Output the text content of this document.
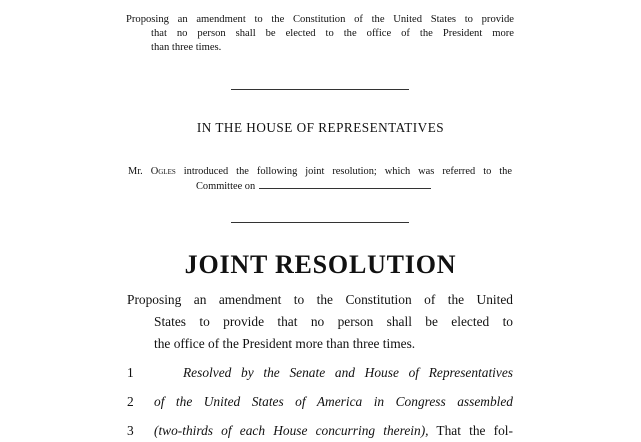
Proposing an amendment to the Constitution of the United States to provide
that no person shall be elected to the office of the President more
than three times.
IN THE HOUSE OF REPRESENTATIVES
Mr. Ogles introduced the following joint resolution; which was referred to the
Committee on
JOINT RESOLUTION
Proposing an amendment to the Constitution of the United
States to provide that no person shall be elected to
the office of the President more than three times.
1	Resolved by the Senate and House of Representatives
2	of the United States of America in Congress assembled
3	(two-thirds of each House concurring therein), That the fol-
